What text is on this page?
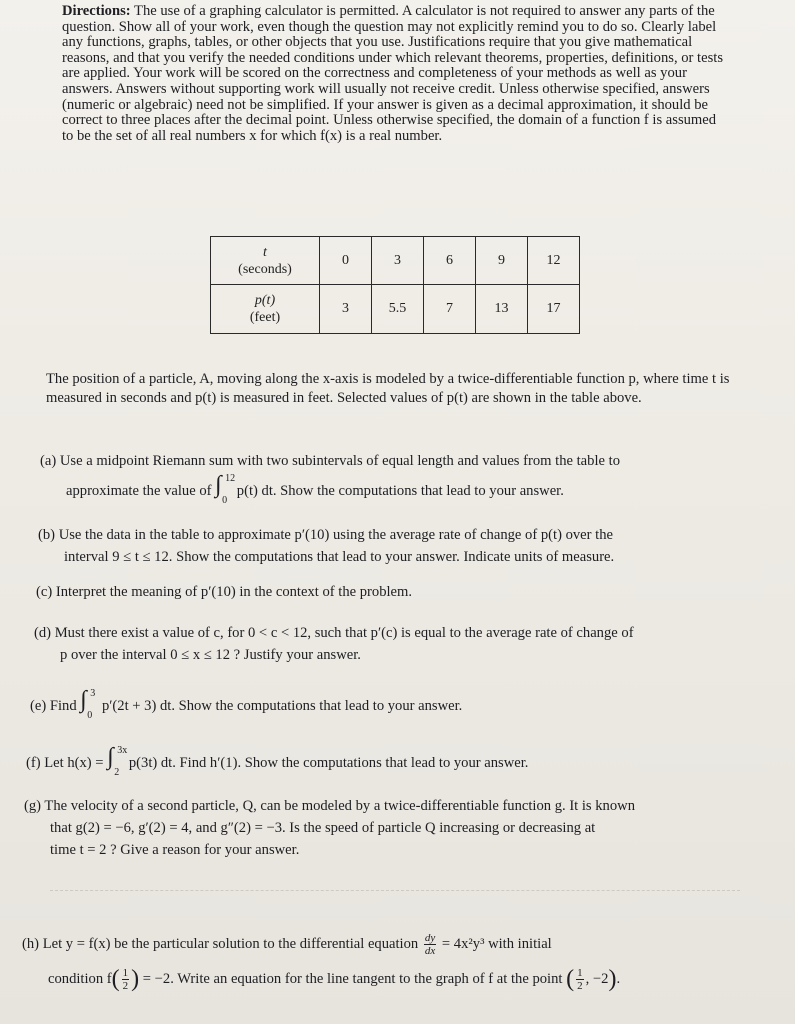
Directions: The use of a graphing calculator is permitted. A calculator is not required to answer any parts of the question. Show all of your work, even though the question may not explicitly remind you to do so. Clearly label any functions, graphs, tables, or other objects that you use. Justifications require that you give mathematical reasons, and that you verify the needed conditions under which relevant theorems, properties, definitions, or tests are applied. Your work will be scored on the correctness and completeness of your methods as well as your answers. Answers without supporting work will usually not receive credit. Unless otherwise specified, answers (numeric or algebraic) need not be simplified. If your answer is given as a decimal approximation, it should be correct to three places after the decimal point. Unless otherwise specified, the domain of a function f is assumed to be the set of all real numbers x for which f(x) is a real number.
t
(seconds)	0	3	6	9	12
p(t)
(feet)	3	5.5	7	13	17
The position of a particle, A, moving along the x-axis is modeled by a twice-differentiable function p, where time t is measured in seconds and p(t) is measured in feet. Selected values of p(t) are shown in the table above.
(a) Use a midpoint Riemann sum with two subintervals of equal length and values from the table to
approximate the value of ∫ 12
0
p(t) dt. Show the computations that lead to your answer.
(b) Use the data in the table to approximate p′(10) using the average rate of change of p(t) over the
interval 9 ≤ t ≤ 12. Show the computations that lead to your answer. Indicate units of measure.
(c) Interpret the meaning of p′(10) in the context of the problem.
(d) Must there exist a value of c, for 0 < c < 12, such that p′(c) is equal to the average rate of change of
p over the interval 0 ≤ x ≤ 12 ? Justify your answer.
(e) Find ∫ 3
0
p′(2t + 3) dt. Show the computations that lead to your answer.
(f) Let h(x) = ∫ 3x
2
p(3t) dt. Find h′(1). Show the computations that lead to your answer.
(g) The velocity of a second particle, Q, can be modeled by a twice-differentiable function g. It is known
that g(2) = −6, g′(2) = 4, and g″(2) = −3. Is the speed of particle Q increasing or decreasing at
time t = 2 ? Give a reason for your answer.
(h) Let y = f(x) be the particular solution to the differential equation $\frac{dy}{dx} = 4x^2y^3$ with initial
condition $f( \frac{1}{2}$ ) = −2. Write an equation for the line tangent to the graph of f at the point ( $\frac{1}{2}$ , −2).
